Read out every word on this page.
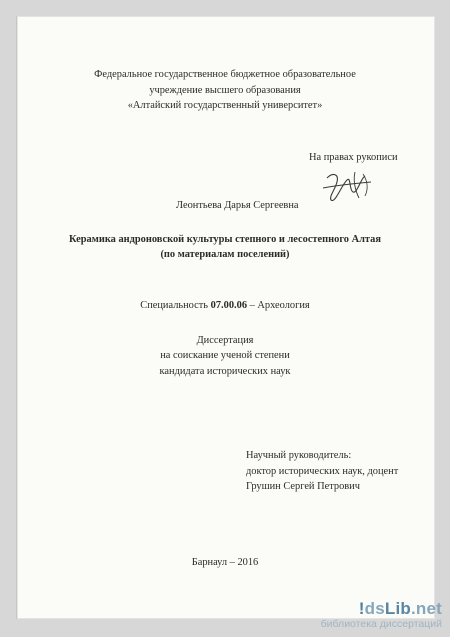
Федеральное государственное бюджетное образовательное
учреждение высшего образования
«Алтайский государственный университет»
На правах рукописи
Леонтьева Дарья Сергеевна
Керамика андроновской культуры степного и лесостепного Алтая
(по материалам поселений)
Специальность 07.00.06 – Археология
Диссертация
на соискание ученой степени
кандидата исторических наук
Научный руководитель:
доктор исторических наук, доцент
Грушин Сергей Петрович
Барнаул – 2016
!dsLib.net
библиотека диссертаций
